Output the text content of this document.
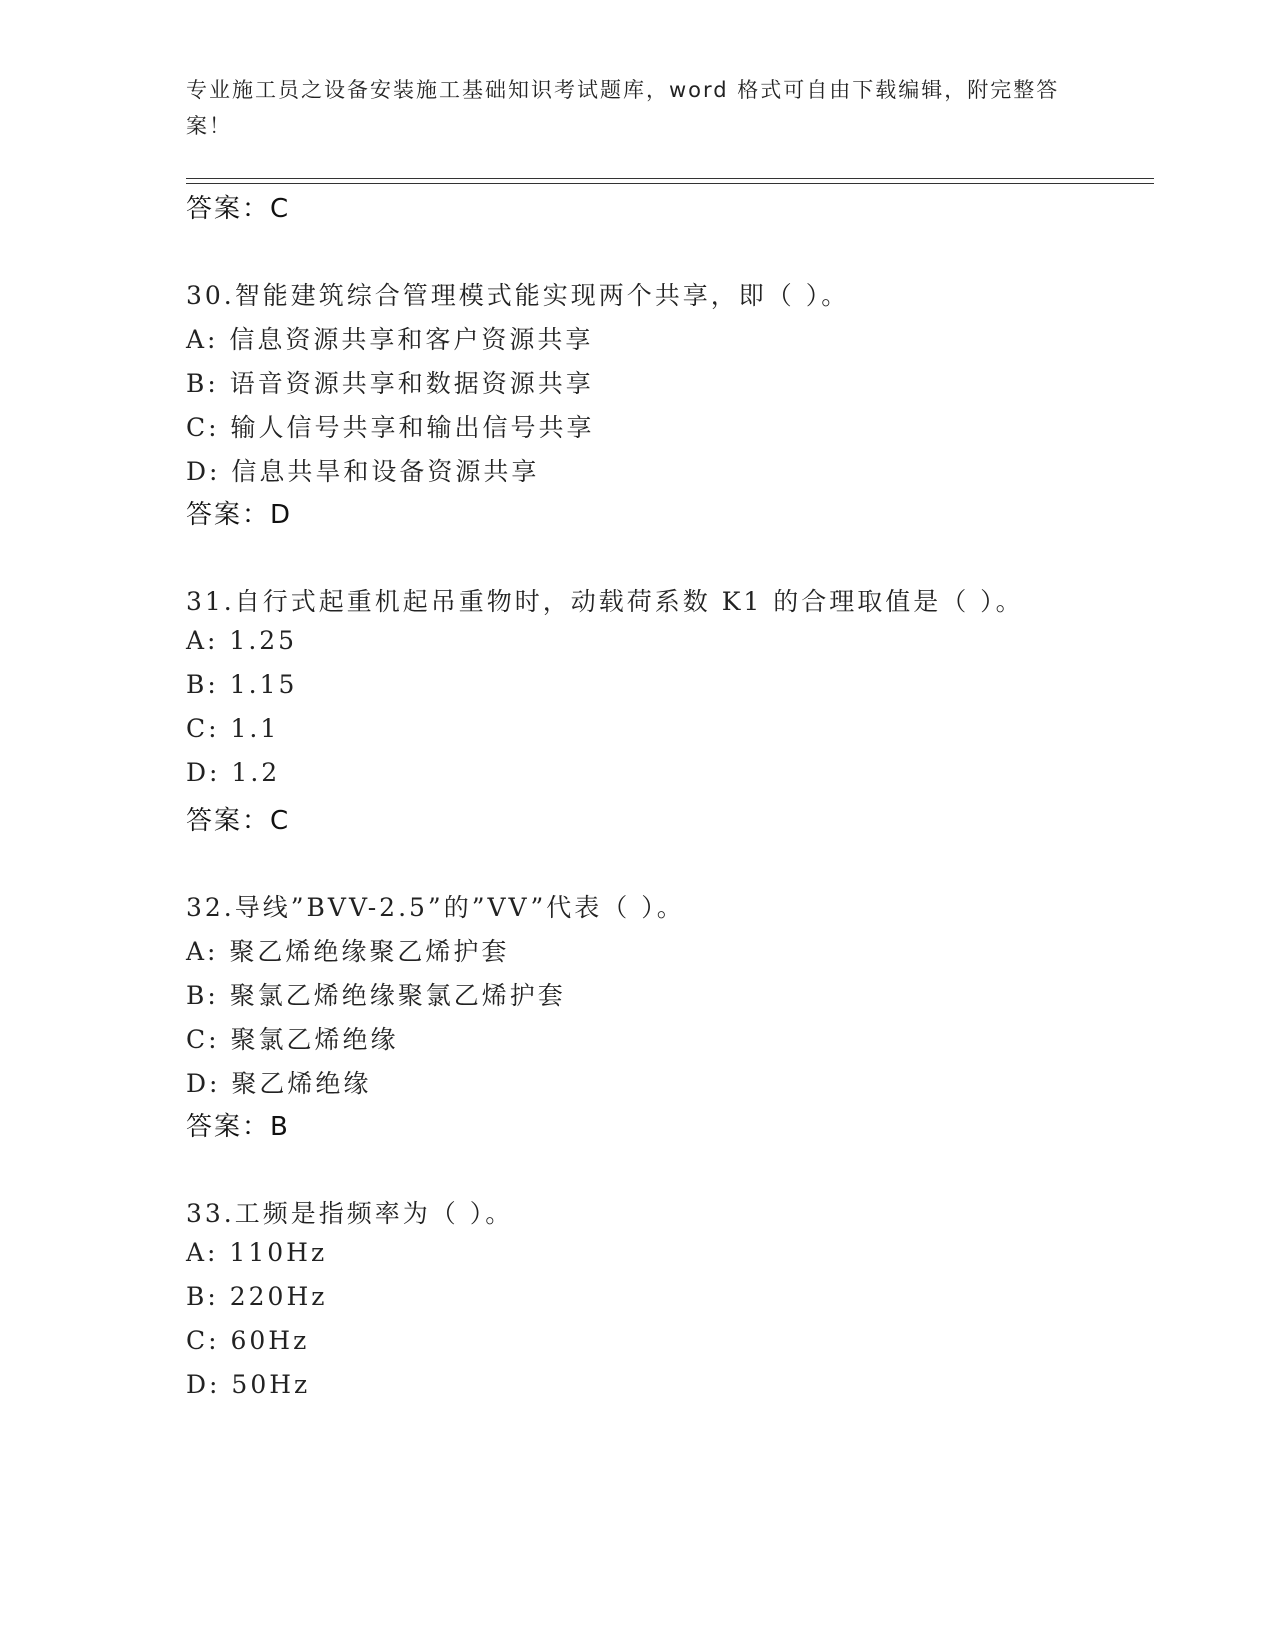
专业施工员之设备安装施工基础知识考试题库，word 格式可自由下载编辑，附完整答案！
答案：C
30.智能建筑综合管理模式能实现两个共享，即（ ）。
A: 信息资源共享和客户资源共享
B: 语音资源共享和数据资源共享
C: 输人信号共享和输出信号共享
D: 信息共旱和设备资源共享
答案：D
31.自行式起重机起吊重物时，动载荷系数 K1 的合理取值是（ ）。
A: 1.25
B: 1.15
C: 1.1
D: 1.2
答案：C
32.导线”BVV-2.5”的”VV”代表（ ）。
A: 聚乙烯绝缘聚乙烯护套
B: 聚氯乙烯绝缘聚氯乙烯护套
C: 聚氯乙烯绝缘
D: 聚乙烯绝缘
答案：B
33.工频是指频率为（ ）。
A: 110Hz
B: 220Hz
C: 60Hz
D: 50Hz
